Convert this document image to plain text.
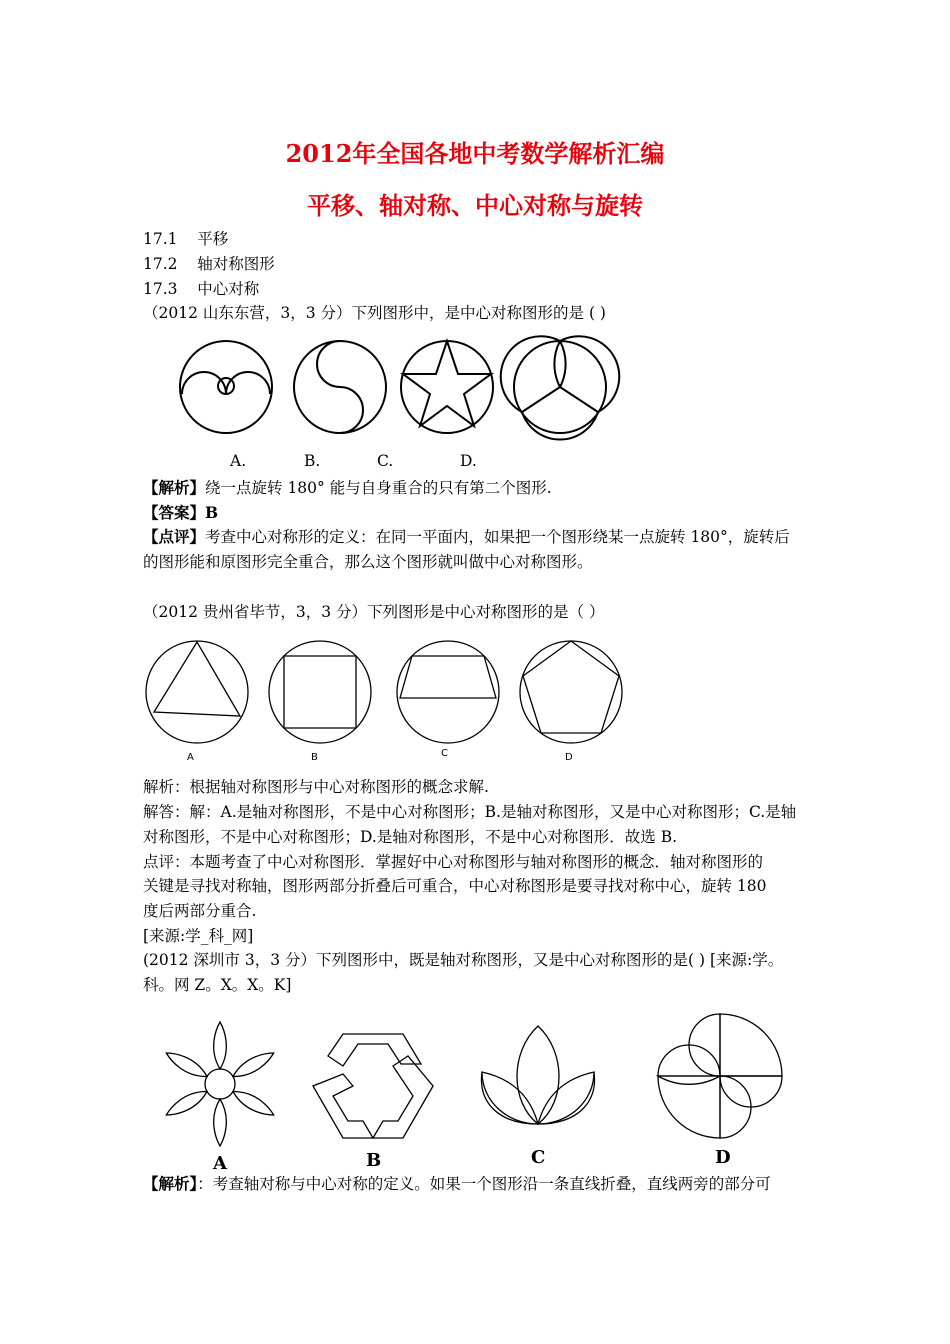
2012年全国各地中考数学解析汇编
平移、轴对称、中心对称与旋转
17.1 平移
17.2 轴对称图形
17.3 中心对称
（2012 山东东营，3，3 分）下列图形中，是中心对称图形的是 ( )
A.	B.	C.	D.
【解析】绕一点旋转 180° 能与自身重合的只有第二个图形.
【答案】B
【点评】考查中心对称形的定义：在同一平面内，如果把一个图形绕某一点旋转 180°，旋转后
的图形能和原图形完全重合，那么这个图形就叫做中心对称图形。
（2012 贵州省毕节，3，3 分）下列图形是中心对称图形的是（ ）
A	B	C	D
解析：根据轴对称图形与中心对称图形的概念求解.
解答：解：A.是轴对称图形，不是中心对称图形；B.是轴对称图形，又是中心对称图形；C.是轴
对称图形，不是中心对称图形；D.是轴对称图形，不是中心对称图形．故选 B.
点评：本题考查了中心对称图形．掌握好中心对称图形与轴对称图形的概念．轴对称图形的
关键是寻找对称轴，图形两部分折叠后可重合，中心对称图形是要寻找对称中心，旋转 180
度后两部分重合.
[来源:学_科_网]
(2012 深圳市 3，3 分）下列图形中，既是轴对称图形，又是中心对称图形的是( ) [来源:学。
科。网 Z。X。X。K]
A	B	C	D
【解析】：考查轴对称与中心对称的定义。如果一个图形沿一条直线折叠，直线两旁的部分可
